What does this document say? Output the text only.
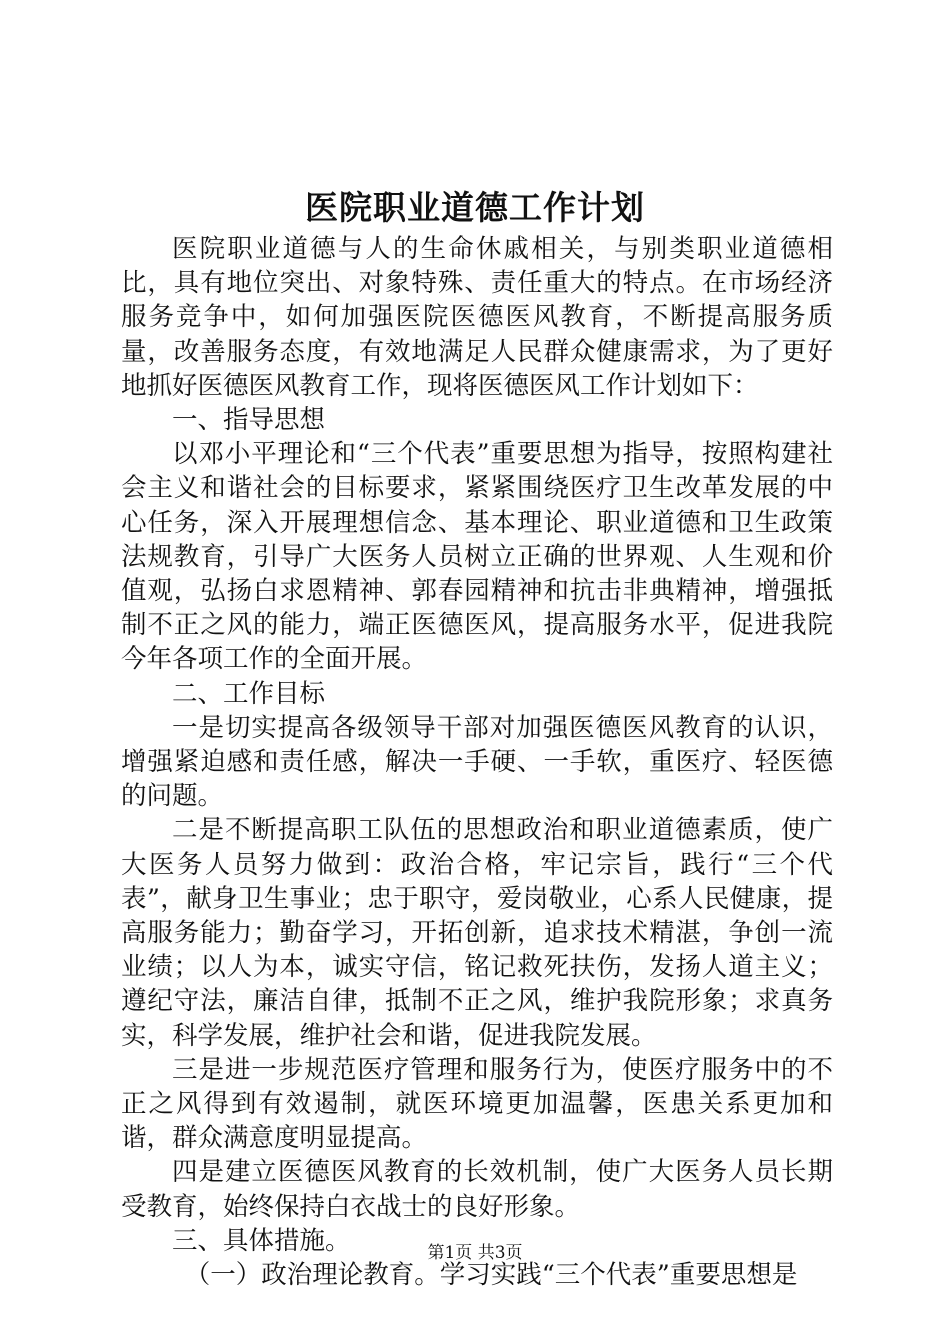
医院职业道德工作计划

医院职业道德与人的生命休戚相关，与别类职业道德相比，具有地位突出、对象特殊、责任重大的特点。在市场经济服务竞争中，如何加强医院医德医风教育，不断提高服务质量，改善服务态度，有效地满足人民群众健康需求，为了更好地抓好医德医风教育工作，现将医德医风工作计划如下：

一、指导思想

以邓小平理论和“三个代表”重要思想为指导，按照构建社会主义和谐社会的目标要求，紧紧围绕医疗卫生改革发展的中心任务，深入开展理想信念、基本理论、职业道德和卫生政策法规教育，引导广大医务人员树立正确的世界观、人生观和价值观，弘扬白求恩精神、郭春园精神和抗击非典精神，增强抵制不正之风的能力，端正医德医风，提高服务水平，促进我院今年各项工作的全面开展。

二、工作目标

一是切实提高各级领导干部对加强医德医风教育的认识，增强紧迫感和责任感，解决一手硬、一手软，重医疗、轻医德的问题。

二是不断提高职工队伍的思想政治和职业道德素质，使广大医务人员努力做到：政治合格，牢记宗旨，践行“三个代表”，献身卫生事业；忠于职守，爱岗敬业，心系人民健康，提高服务能力；勤奋学习，开拓创新，追求技术精湛，争创一流业绩；以人为本，诚实守信，铭记救死扶伤，发扬人道主义；遵纪守法，廉洁自律，抵制不正之风，维护我院形象；求真务实，科学发展，维护社会和谐，促进我院发展。

三是进一步规范医疗管理和服务行为，使医疗服务中的不正之风得到有效遏制，就医环境更加温馨，医患关系更加和谐，群众满意度明显提高。

四是建立医德医风教育的长效机制，使广大医务人员长期受教育，始终保持白衣战士的良好形象。

三、具体措施。

（一）政治理论教育。学习实践“三个代表”重要思想是

第1页 共3页
